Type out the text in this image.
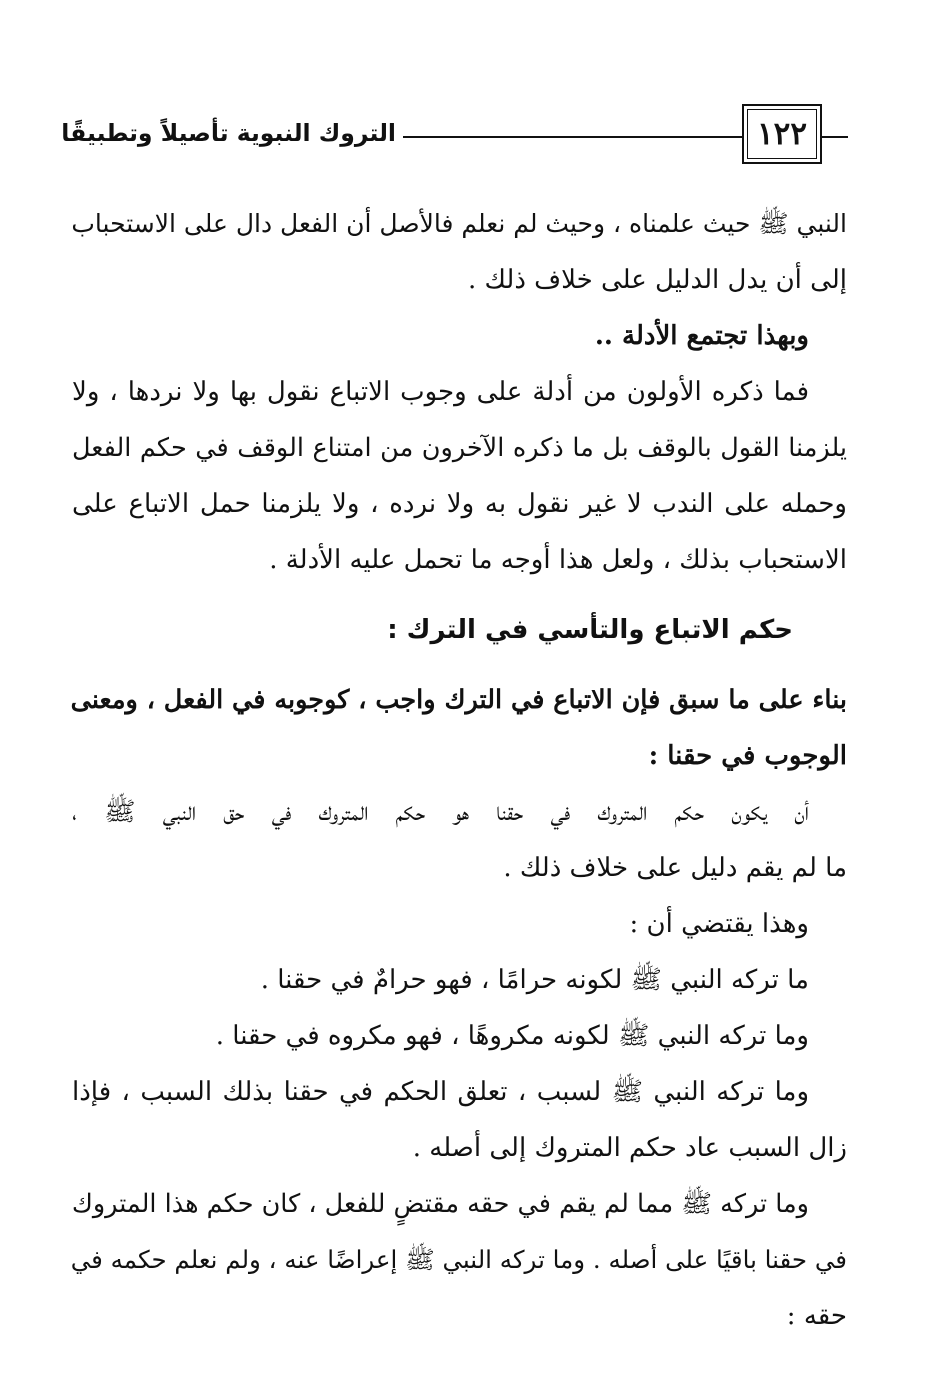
١٢٢
التروك النبوية تأصيلاً وتطبيقًا
النبي ﷺ حيث علمناه ، وحيث لم نعلم فالأصل أن الفعل دال على الاستحباب
إلى أن يدل الدليل على خلاف ذلك .
وبهذا تجتمع الأدلة ..
فما ذكره الأولون من أدلة على وجوب الاتباع نقول بها ولا نردها ، ولا
يلزمنا القول بالوقف بل ما ذكره الآخرون من امتناع الوقف في حكم الفعل
وحمله على الندب لا غير نقول به ولا نرده ، ولا يلزمنا حمل الاتباع على
الاستحباب بذلك ، ولعل هذا أوجه ما تحمل عليه الأدلة .
حكم الاتباع والتأسي في الترك :
بناء على ما سبق فإن الاتباع في الترك واجب ، كوجوبه في الفعل ، ومعنى
الوجوب في حقنا :
أن يكون حكم المتروك في حقنا هو حكم المتروك في حق النبي ﷺ ،
ما لم يقم دليل على خلاف ذلك .
وهذا يقتضي أن :
ما تركه النبي ﷺ لكونه حرامًا ، فهو حرامٌ في حقنا .
وما تركه النبي ﷺ لكونه مكروهًا ، فهو مكروه في حقنا .
وما تركه النبي ﷺ لسبب ، تعلق الحكم في حقنا بذلك السبب ، فإذا
زال السبب عاد حكم المتروك إلى أصله .
وما تركه ﷺ مما لم يقم في حقه مقتضٍ للفعل ، كان حكم هذا المتروك
في حقنا باقيًا على أصله . وما تركه النبي ﷺ إعراضًا عنه ، ولم نعلم حكمه في
حقه :
